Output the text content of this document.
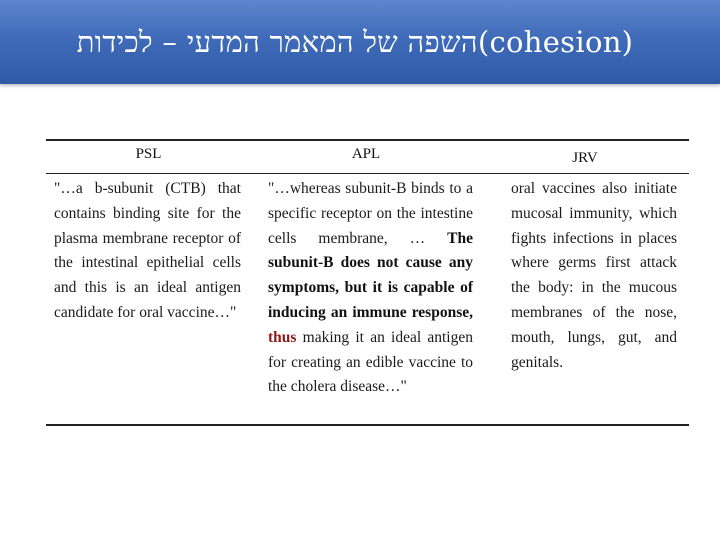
השפה של המאמר המדעי – לכידות (cohesion)
PSL	APL	JRV
"…a b-subunit (CTB) that contains binding site for the plasma membrane receptor of the intestinal epithelial cells and this is an ideal antigen candidate for oral vaccine…"
"…whereas subunit-B binds to a specific receptor on the intestine cells membrane, … The subunit-B does not cause any symptoms, but it is capable of inducing an immune response, thus making it an ideal antigen for creating an edible vaccine to the cholera disease…"
oral vaccines also initiate mucosal immunity, which fights infections in places where germs first attack the body: in the mucous membranes of the nose, mouth, lungs, gut, and genitals.
